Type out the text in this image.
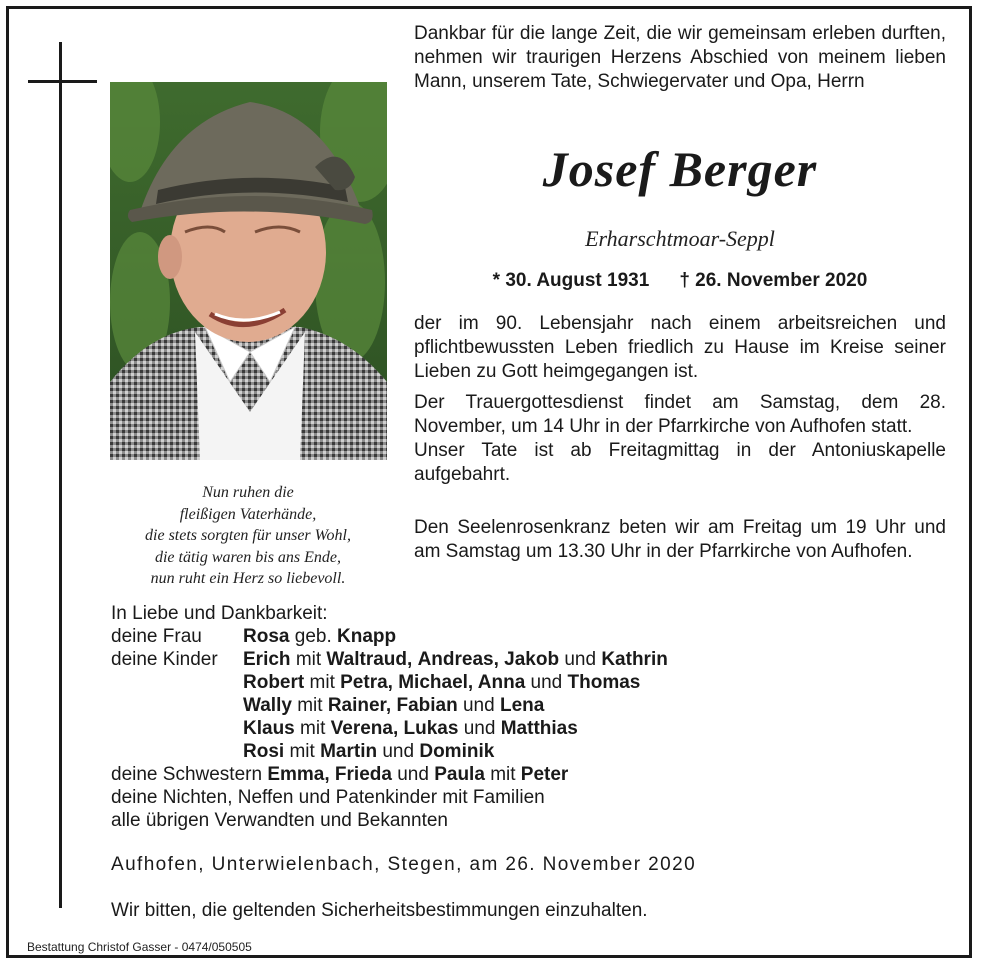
Nun ruhen die
fleißigen Vaterhände,
die stets sorgten für unser Wohl,
die tätig waren bis ans Ende,
nun ruht ein Herz so liebevoll.
Dankbar für die lange Zeit, die wir gemeinsam erleben durften, nehmen wir traurigen Herzens Abschied von meinem lieben Mann, unserem Tate, Schwiegervater und Opa, Herrn
Josef Berger
Erharschtmoar-Seppl
* 30. August 1931 † 26. November 2020
der im 90. Lebensjahr nach einem arbeitsreichen und pflichtbewussten Leben friedlich zu Hause im Kreise seiner Lieben zu Gott heimgegangen ist.
Der Trauergottesdienst findet am Samstag, dem 28. November, um 14 Uhr in der Pfarrkirche von Aufhofen statt.
Unser Tate ist ab Freitagmittag in der Antoniuskapelle aufgebahrt.
Den Seelenrosenkranz beten wir am Freitag um 19 Uhr und am Samstag um 13.30 Uhr in der Pfarrkirche von Aufhofen.
In Liebe und Dankbarkeit:
deine Frau	Rosa
geb.
Knapp
deine Kinder	Erich
mit
Waltraud,
Andreas, Jakob
und
Kathrin
Robert
mit
Petra,
Michael, Anna
und
Thomas
Wally
mit
Rainer,
Fabian
und
Lena
Klaus
mit
Verena,
Lukas
und
Matthias
Rosi
mit
Martin
und
Dominik
deine Schwestern
Emma, Frieda
und
Paula
mit
Peter
deine Nichten, Neffen und Patenkinder mit Familien
alle übrigen Verwandten und Bekannten
Aufhofen, Unterwielenbach, Stegen, am 26. November 2020
Wir bitten, die geltenden Sicherheitsbestimmungen einzuhalten.
Bestattung Christof Gasser - 0474/050505
